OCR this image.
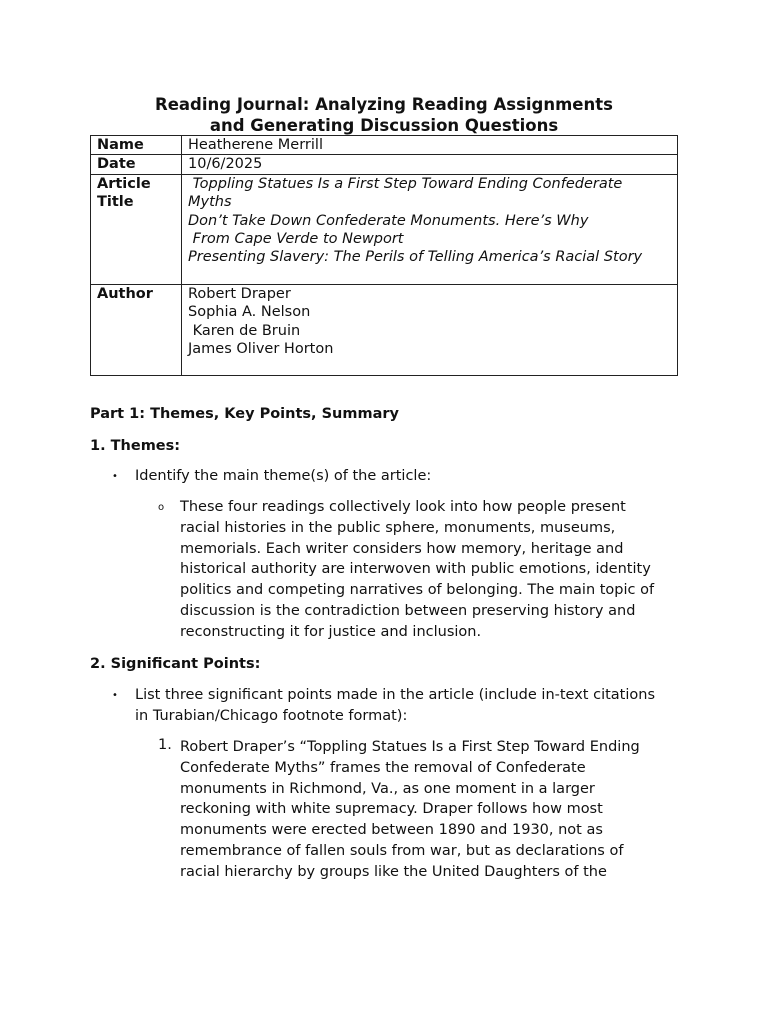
Reading Journal: Analyzing Reading Assignments
and Generating Discussion Questions
Name	Heatherene Merrill
Date	10/6/2025

Article
Title	Toppling Statues Is a First Step Toward Ending Confederate
Myths
Don’t Take Down Confederate Monuments. Here’s Why
From Cape Verde to Newport
Presenting Slavery: The Perils of Telling America’s Racial Story

Author	Robert Draper
Sophia A. Nelson
Karen de Bruin
James Oliver Horton
Part 1: Themes, Key Points, Summary
1. Themes:
• Identify the main theme(s) of the article:
o These four readings collectively look into how people present
racial histories in the public sphere, monuments, museums,
memorials. Each writer considers how memory, heritage and
historical authority are interwoven with public emotions, identity
politics and competing narratives of belonging. The main topic of
discussion is the contradiction between preserving history and
reconstructing it for justice and inclusion.
2. Significant Points:
• List three significant points made in the article (include in-text citations
in Turabian/Chicago footnote format):
1. Robert Draper’s “Toppling Statues Is a First Step Toward Ending
Confederate Myths” frames the removal of Confederate
monuments in Richmond, Va., as one moment in a larger
reckoning with white supremacy. Draper follows how most
monuments were erected between 1890 and 1930, not as
remembrance of fallen souls from war, but as declarations of
racial hierarchy by groups like the United Daughters of the
